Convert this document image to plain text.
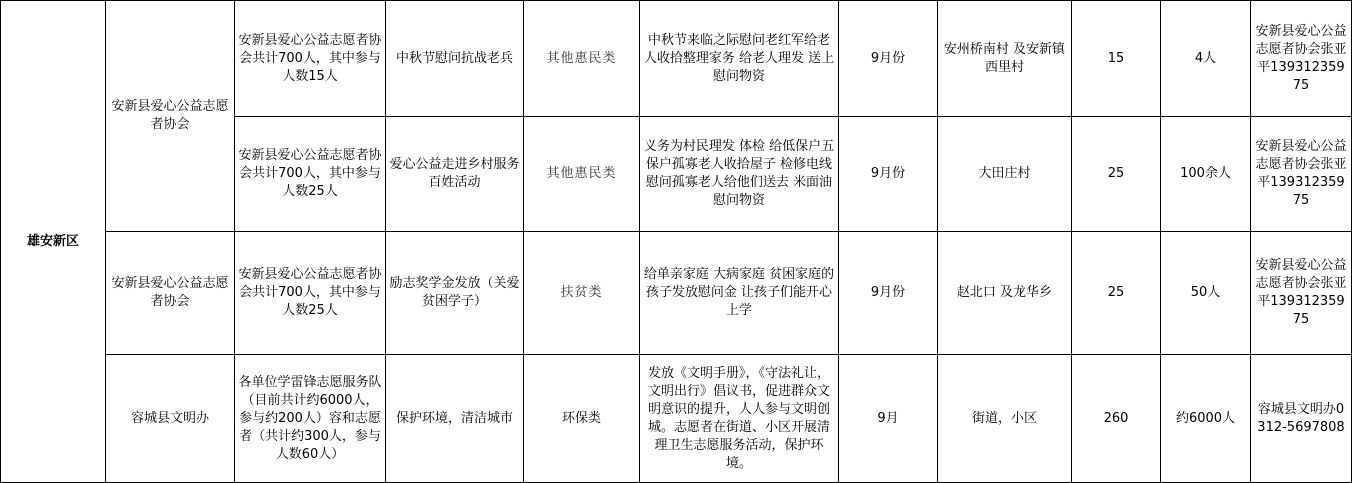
雄安新区	安新县爱心公益志愿者协会	安新县爱心公益志愿者协会共计700人，其中参与人数15人	中秋节慰问抗战老兵	其他惠民类	中秋节来临之际慰问老红军给老人收拾整理家务 给老人理发 送上慰问物资	9月份	安州桥南村 及安新镇西里村	15	4人	安新县爱心公益志愿者协会张亚平13931235975
		安新县爱心公益志愿者协会共计700人，其中参与人数25人	爱心公益走进乡村服务百姓活动	其他惠民类	义务为村民理发 体检 给低保户五保户孤寡老人收拾屋子 检修电线 慰问孤寡老人给他们送去 米面油慰问物资	9月份	大田庄村	25	100余人	安新县爱心公益志愿者协会张亚平13931235975
	安新县爱心公益志愿者协会	安新县爱心公益志愿者协会共计700人，其中参与人数25人	励志奖学金发放（关爱贫困学子）	扶贫类	给单亲家庭 大病家庭 贫困家庭的孩子发放慰问金 让孩子们能开心上学	9月份	赵北口 及龙华乡	25	50人	安新县爱心公益志愿者协会张亚平13931235975
	容城县文明办	各单位学雷锋志愿服务队（目前共计约6000人，参与约200人）容和志愿者（共计约300人，参与人数60人）	保护环境，清洁城市	环保类	发放《文明手册》，《守法礼让，文明出行》倡议书，促进群众文明意识的提升，人人参与文明创城。志愿者在街道、小区开展清理卫生志愿服务活动，保护环境。	9月	街道，小区	260	约6000人	容城县文明办0312-5697808
